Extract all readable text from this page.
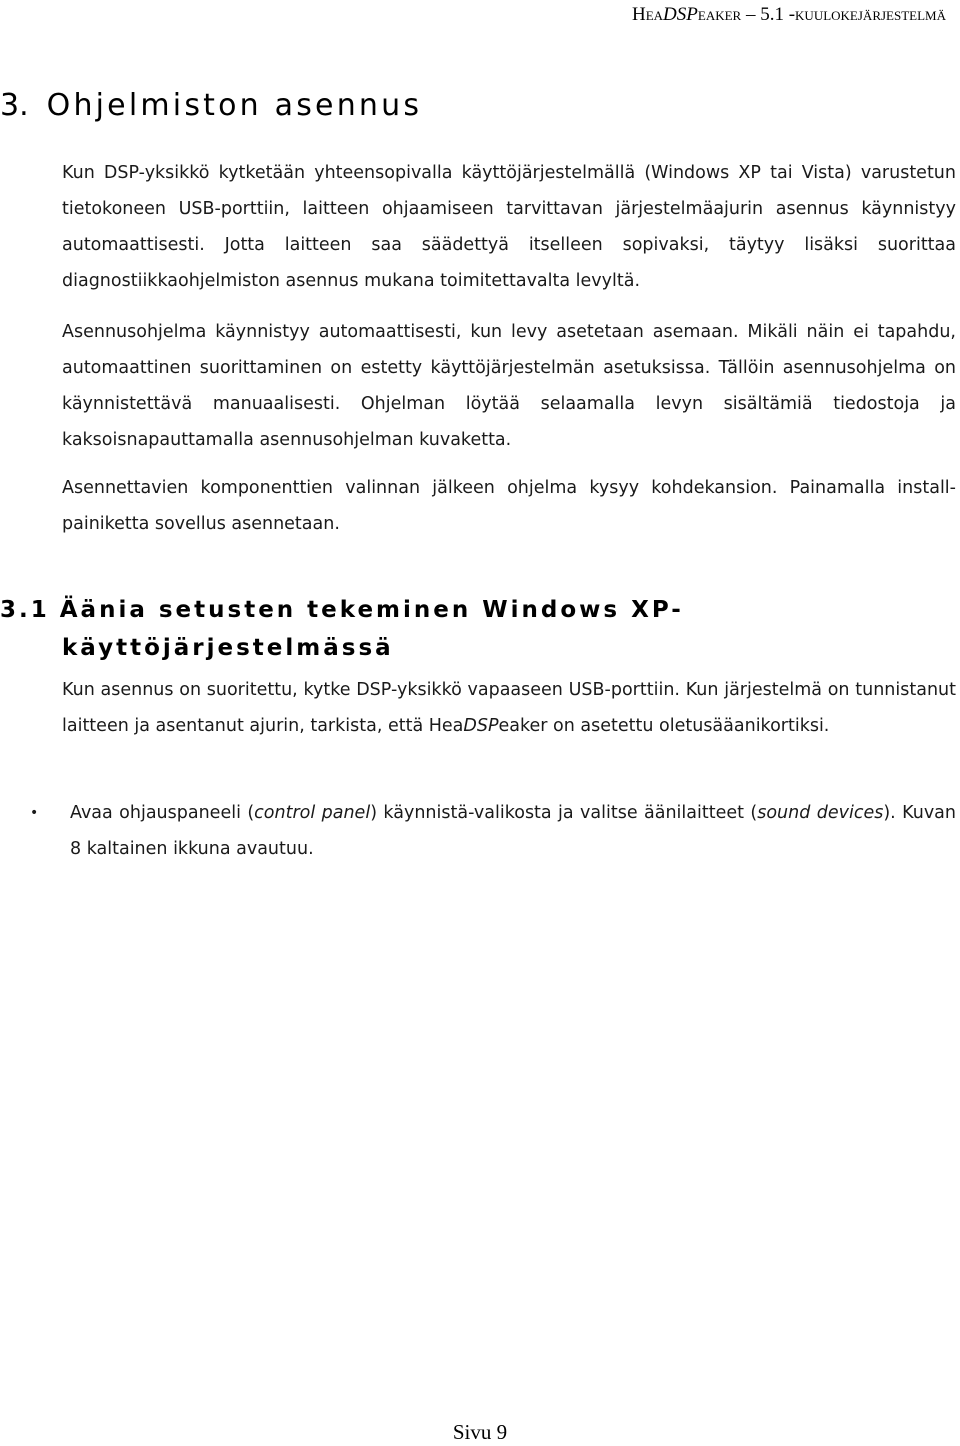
HeaDSPeaker – 5.1 -kuulokejärjestelmä
3. Ohjelmiston asennus

Kun DSP-yksikkö kytketään yhteensopivalla käyttöjärjestelmällä (Windows XP tai Vista) varustetun tietokoneen USB-porttiin, laitteen ohjaamiseen tarvittavan järjestelmäajurin asennus käynnistyy automaattisesti. Jotta laitteen saa säädettyä itselleen sopivaksi, täytyy lisäksi suorittaa diagnostiikkaohjelmiston asennus mukana toimitettavalta levyltä.

Asennusohjelma käynnistyy automaattisesti, kun levy asetetaan asemaan. Mikäli näin ei tapahdu, automaattinen suorittaminen on estetty käyttöjärjestelmän asetuksissa. Tällöin asennusohjelma on käynnistettävä manuaalisesti. Ohjelman löytää selaamalla levyn sisältämiä tiedostoja ja kaksoisnapauttamalla asennusohjelman kuvaketta.

Asennettavien komponenttien valinnan jälkeen ohjelma kysyy kohdekansion. Painamalla install-painiketta sovellus asennetaan.

3.1 Äänia setusten tekeminen Windows XP-
käyttöjärjestelmässä

Kun asennus on suoritettu, kytke DSP-yksikkö vapaaseen USB-porttiin. Kun järjestelmä on tunnistanut laitteen ja asentanut ajurin, tarkista, että HeaDSPeaker on asetettu oletusääanikortiksi.

•	Avaa ohjauspaneeli (control panel) käynnistä-valikosta ja valitse äänilaitteet (sound devices). Kuvan 8 kaltainen ikkuna avautuu.
Sivu 9
